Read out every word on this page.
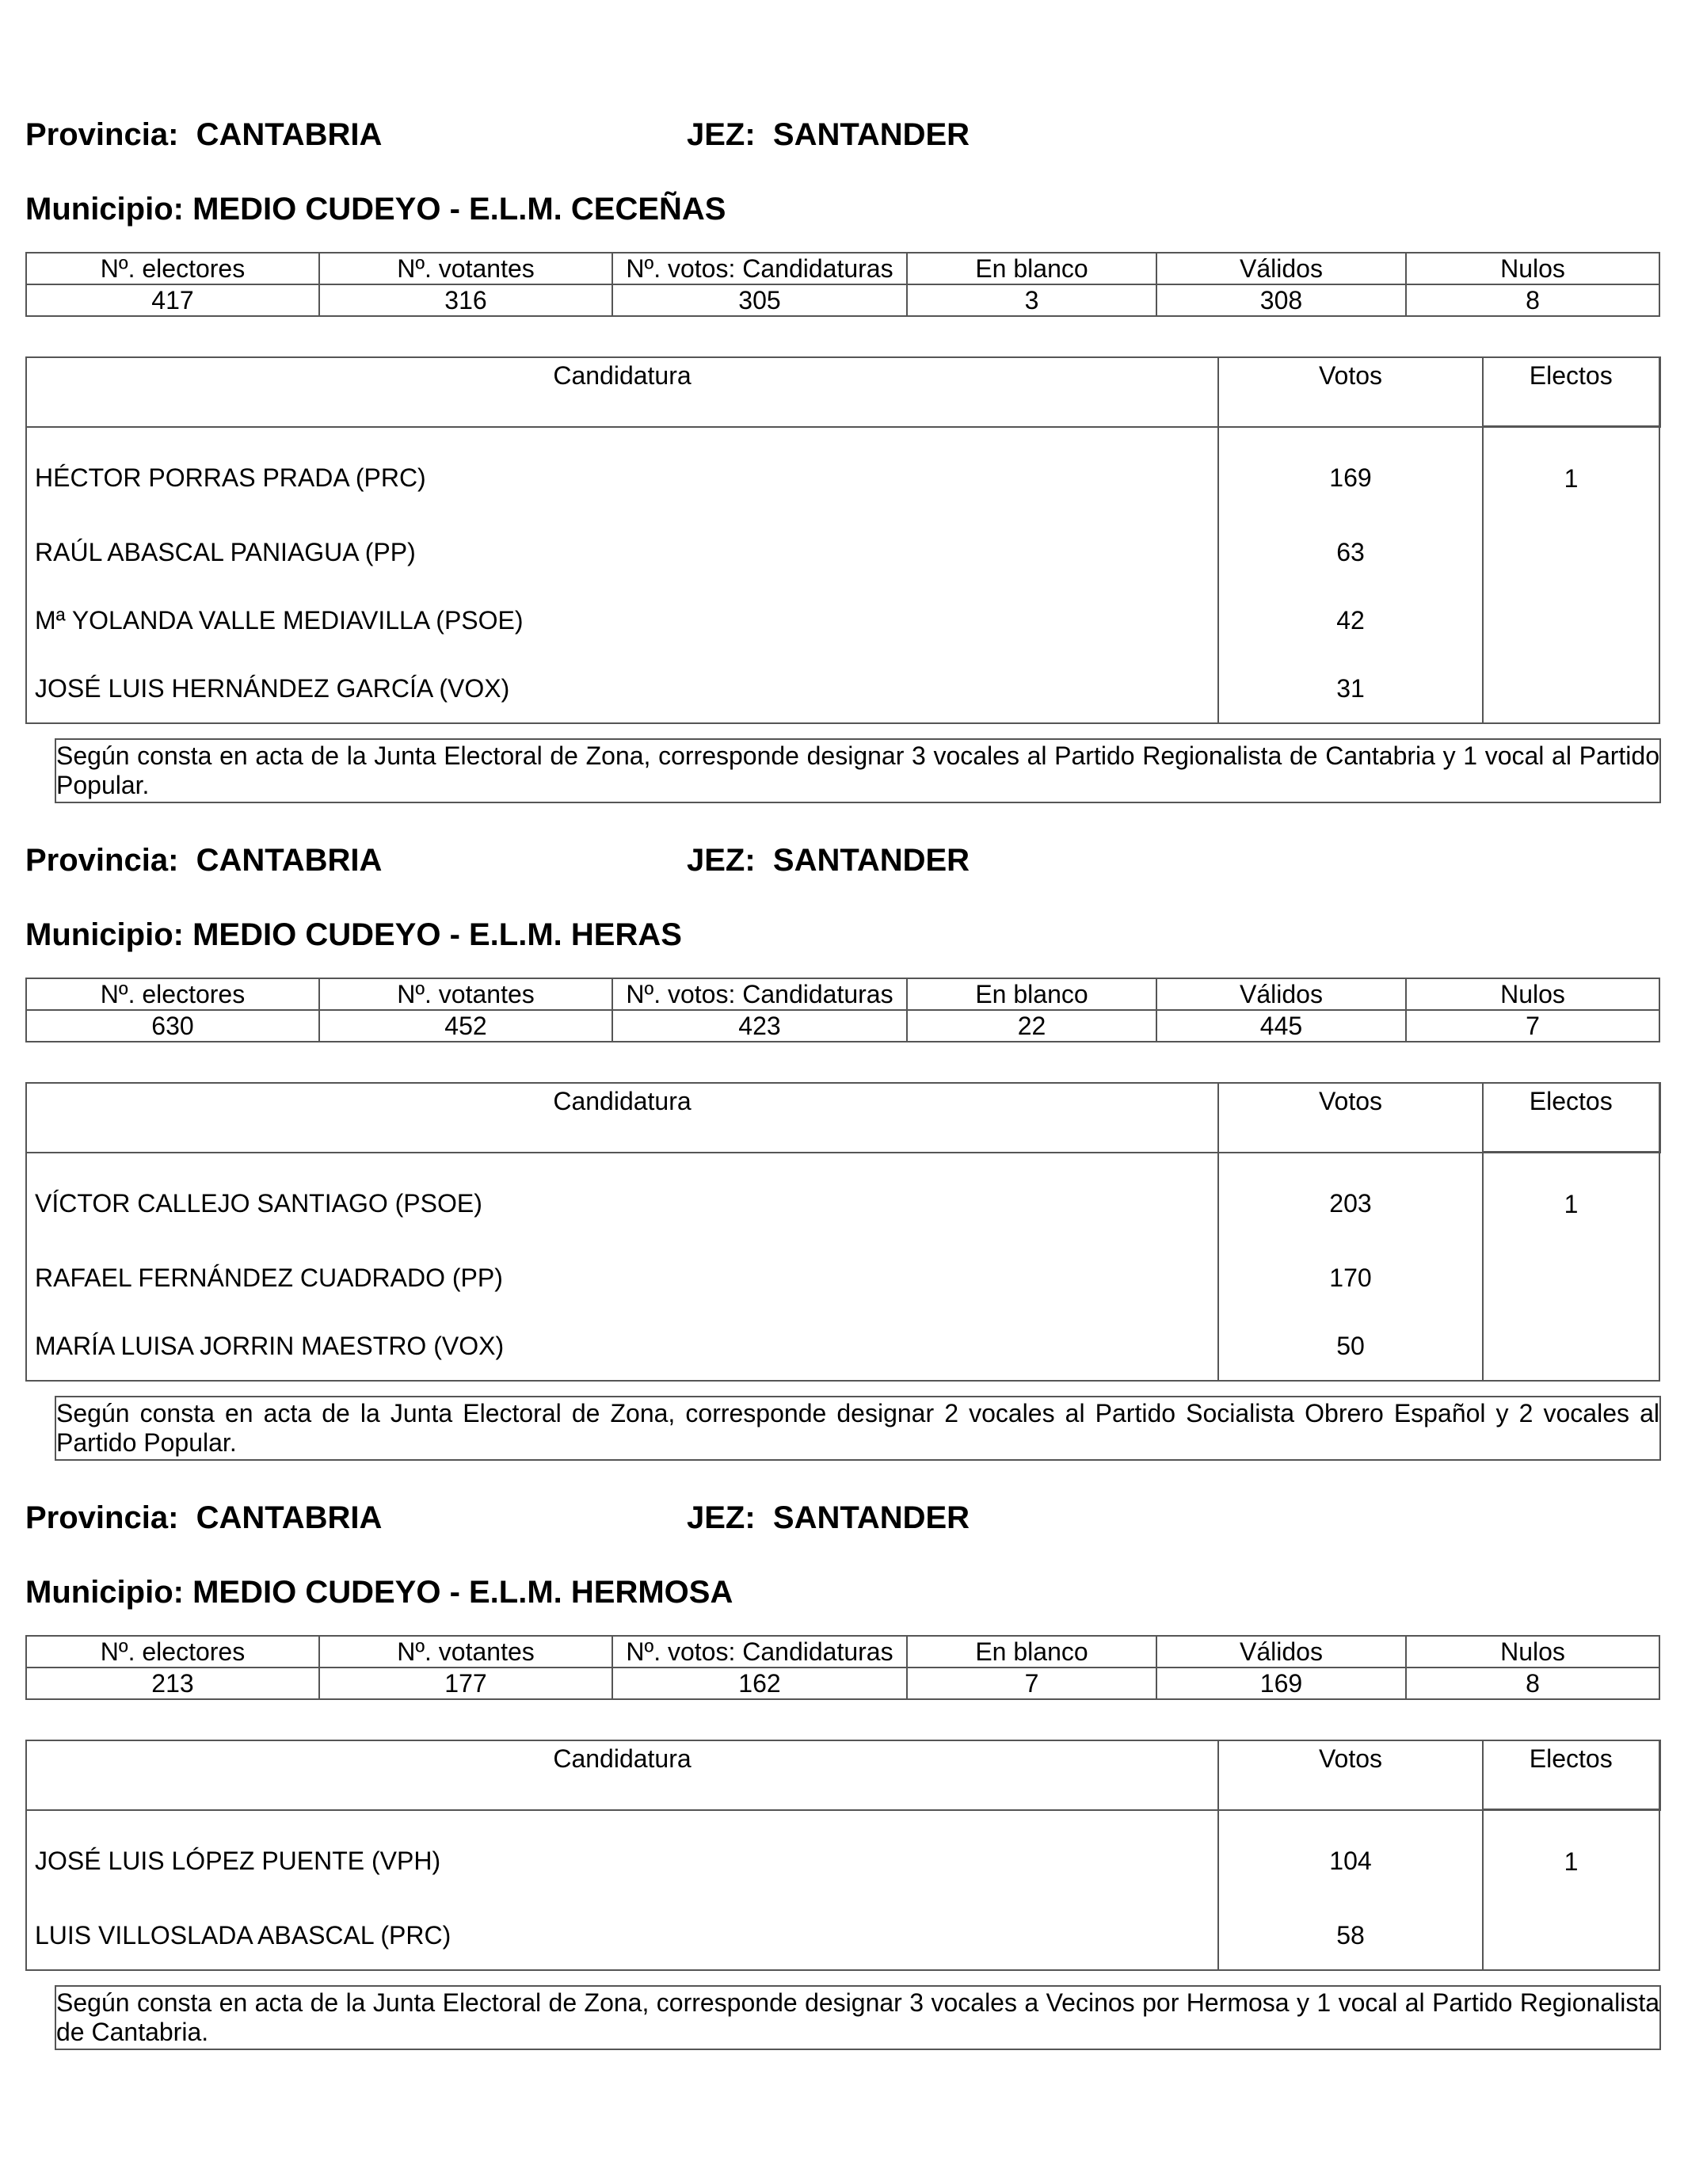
Provincia: CANTABRIA	JEZ: SANTANDER
Municipio: MEDIO CUDEYO - E.L.M. CECEÑAS
Nº. electores	Nº. votantes	Nº. votos: Candidaturas	En blanco	Válidos	Nulos
417	316	305	3	308	8
Candidatura	Votos	Electos
HÉCTOR PORRAS PRADA (PRC)	169	1
RAÚL ABASCAL PANIAGUA (PP)	63	
Mª YOLANDA VALLE MEDIAVILLA (PSOE)	42	
JOSÉ LUIS HERNÁNDEZ GARCÍA (VOX)	31	
Según consta en acta de la Junta Electoral de Zona, corresponde designar 3 vocales al Partido Regionalista de Cantabria y 1 vocal al Partido Popular.
Provincia: CANTABRIA	JEZ: SANTANDER
Municipio: MEDIO CUDEYO - E.L.M. HERAS
Nº. electores	Nº. votantes	Nº. votos: Candidaturas	En blanco	Válidos	Nulos
630	452	423	22	445	7
Candidatura	Votos	Electos
VÍCTOR CALLEJO SANTIAGO (PSOE)	203	1
RAFAEL FERNÁNDEZ CUADRADO (PP)	170	
MARÍA LUISA JORRIN MAESTRO (VOX)	50	
Según consta en acta de la Junta Electoral de Zona, corresponde designar 2 vocales al Partido Socialista Obrero Español y 2 vocales al Partido Popular.
Provincia: CANTABRIA	JEZ: SANTANDER
Municipio: MEDIO CUDEYO - E.L.M. HERMOSA
Nº. electores	Nº. votantes	Nº. votos: Candidaturas	En blanco	Válidos	Nulos
213	177	162	7	169	8
Candidatura	Votos	Electos
JOSÉ LUIS LÓPEZ PUENTE (VPH)	104	1
LUIS VILLOSLADA ABASCAL (PRC)	58	
Según consta en acta de la Junta Electoral de Zona, corresponde designar 3 vocales a Vecinos por Hermosa y 1 vocal al Partido Regionalista de Cantabria.
